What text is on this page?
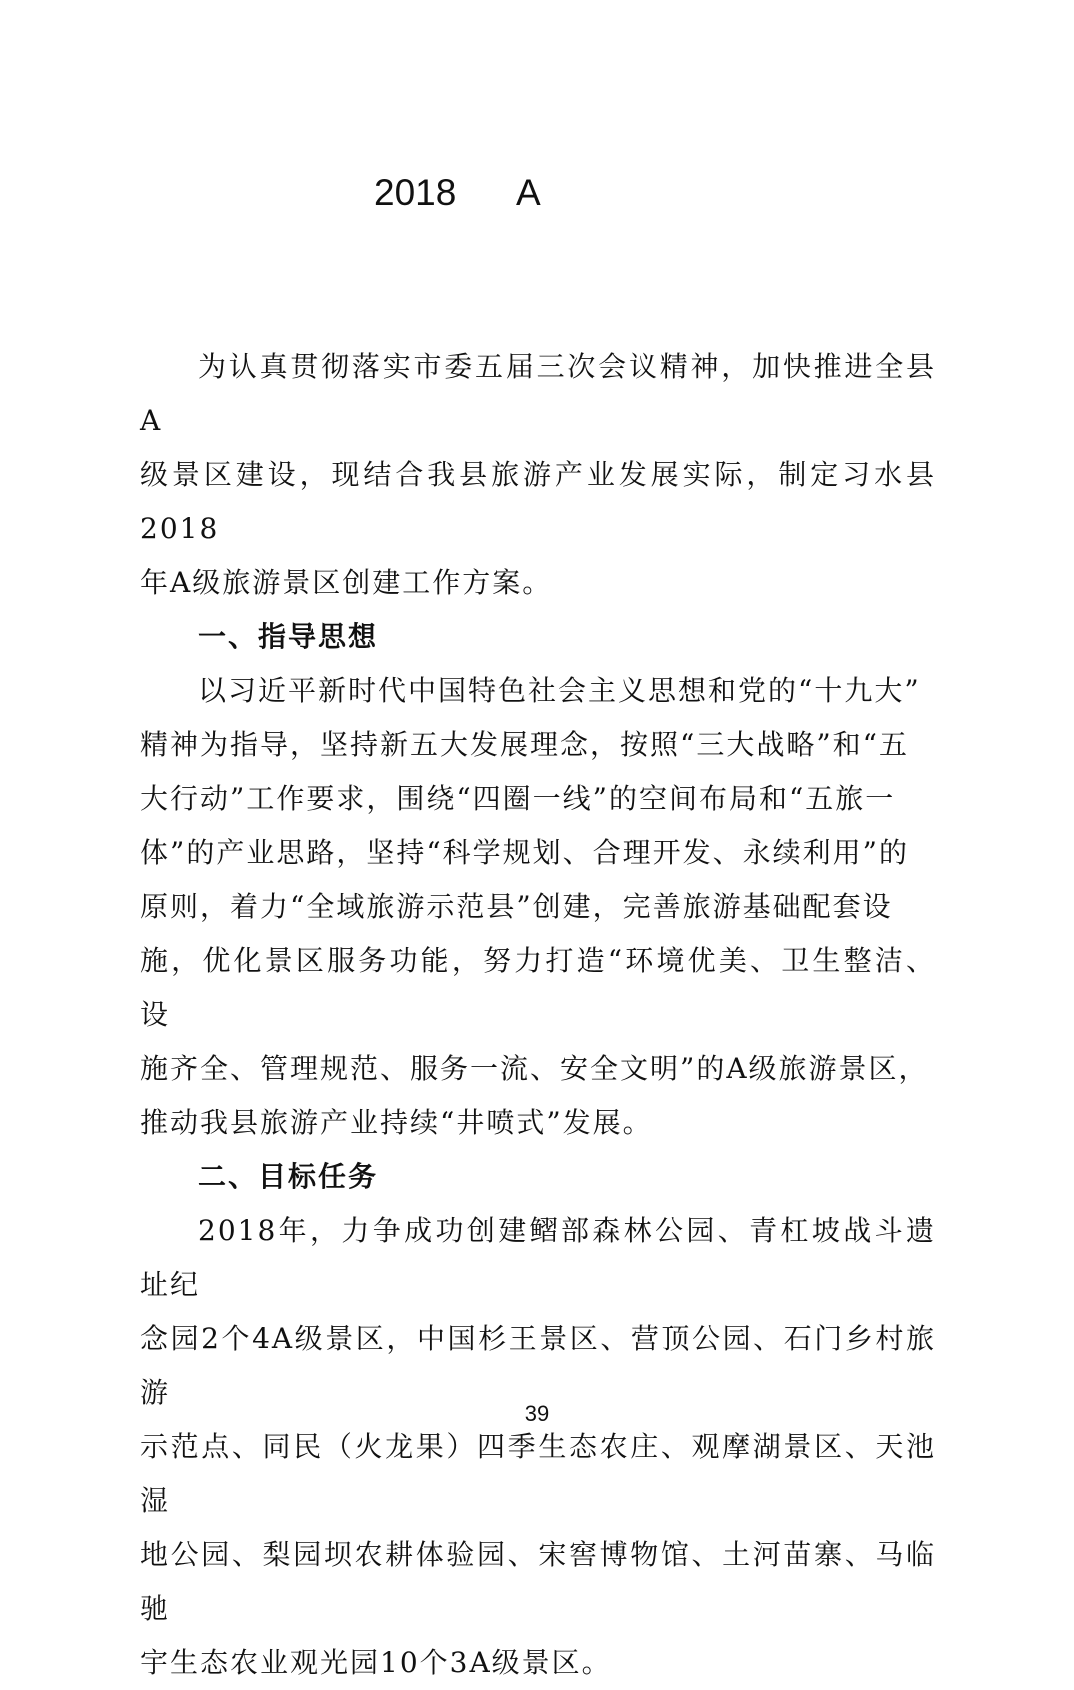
2018      A

为认真贯彻落实市委五届三次会议精神，加快推进全县A
级景区建设，现结合我县旅游产业发展实际，制定习水县2018
年A级旅游景区创建工作方案。

一、指导思想

以习近平新时代中国特色社会主义思想和党的“十九大”
精神为指导，坚持新五大发展理念，按照“三大战略”和“五
大行动”工作要求，围绕“四圈一线”的空间布局和“五旅一
体”的产业思路，坚持“科学规划、合理开发、永续利用”的
原则，着力“全域旅游示范县”创建，完善旅游基础配套设
施，优化景区服务功能，努力打造“环境优美、卫生整洁、设
施齐全、管理规范、服务一流、安全文明”的A级旅游景区，
推动我县旅游产业持续“井喷式”发展。

二、目标任务

2018年，力争成功创建鳛部森林公园、青杠坡战斗遗址纪
念园2个4A级景区，中国杉王景区、营顶公园、石门乡村旅游
示范点、同民（火龙果）四季生态农庄、观摩湖景区、天池湿
地公园、梨园坝农耕体验园、宋窖博物馆、土河苗寨、马临驰
宇生态农业观光园10个3A级景区。

39
